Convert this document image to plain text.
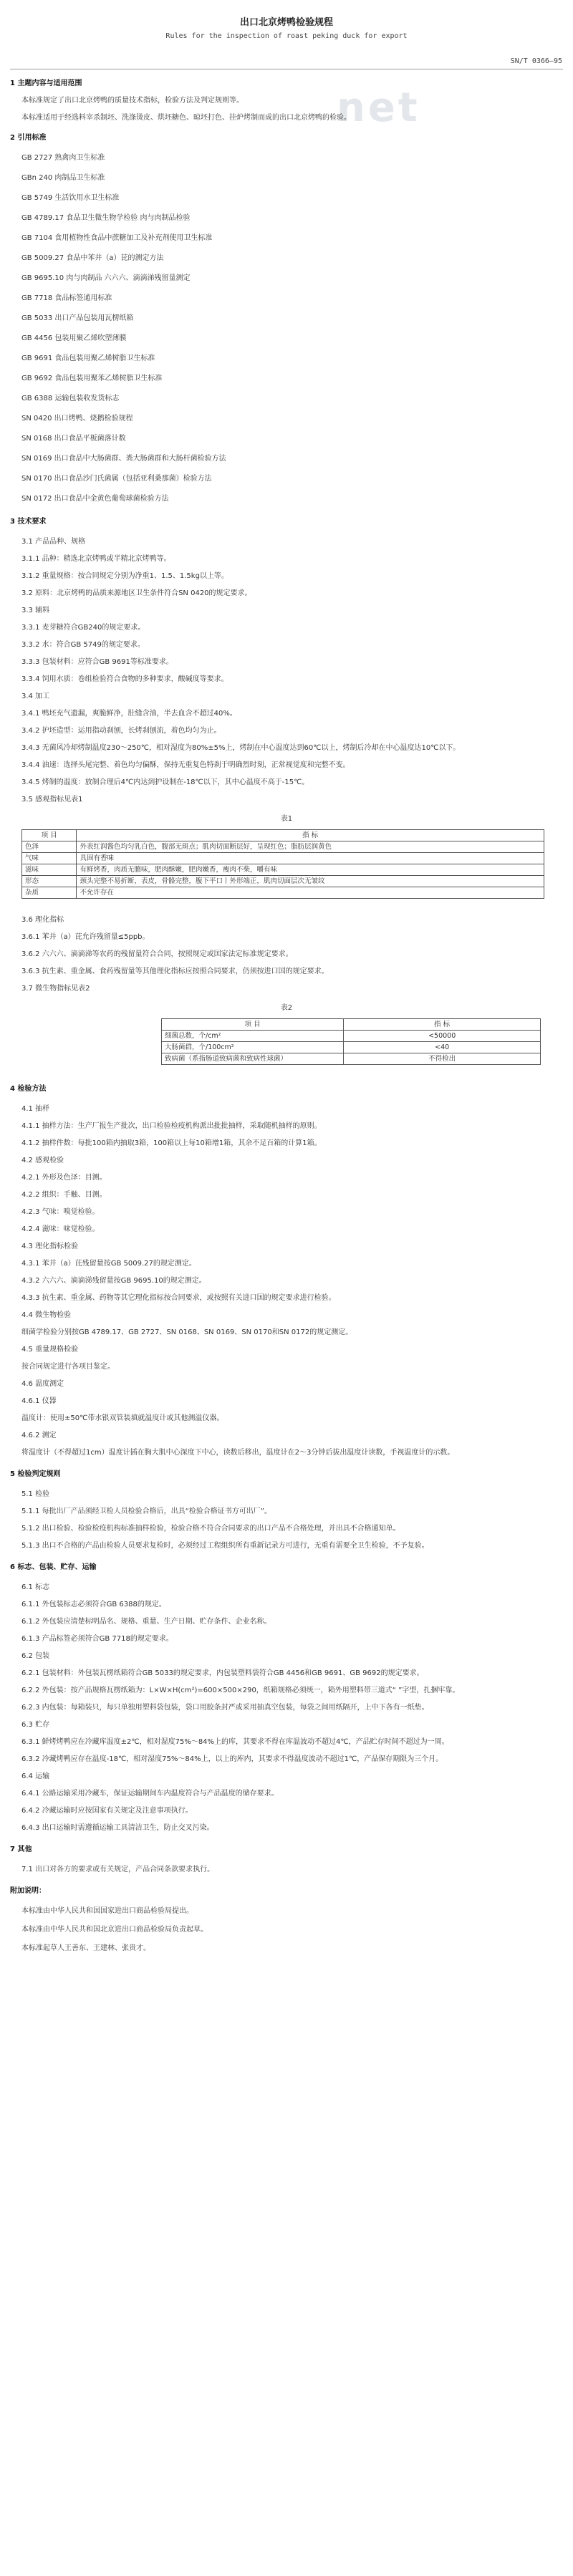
出口北京烤鸭检验规程
Rules for the inspection of roast peking duck for export
SN/T 0366—95
net
1 主题内容与适用范围
本标准规定了出口北京烤鸭的质量技术指标，检验方法及判定规则等。
本标准适用于经选料宰杀制坯、洗涤烫皮、烘坯糖色、晾坯打色、挂炉烤制而成的出口北京烤鸭的检验。
2 引用标准
GB 2727 熟禽肉卫生标准
GBn 240 肉制品卫生标准
GB 5749 生活饮用水卫生标准
GB 4789.17 食品卫生微生物学检验 肉与肉制品检验
GB 7104 食用植物性食品中蔗糖加工及补充剂使用卫生标准
GB 5009.27 食品中苯并（a）芘的测定方法
GB 9695.10 肉与肉制品 六六六、滴滴涕残留量测定
GB 7718 食品标签通用标准
GB 5033 出口产品包装用瓦楞纸箱
GB 4456 包装用聚乙烯吹塑薄膜
GB 9691 食品包装用聚乙烯树脂卫生标准
GB 9692 食品包装用聚苯乙烯树脂卫生标准
GB 6388 运输包装收发货标志
SN 0420 出口烤鸭、烧鹅检验规程
SN 0168 出口食品平板菌落计数
SN 0169 出口食品中大肠菌群、粪大肠菌群和大肠杆菌检验方法
SN 0170 出口食品沙门氏菌属（包括亚利桑那菌）检验方法
SN 0172 出口食品中金黄色葡萄球菌检验方法
3 技术要求
3.1 产品品种、规格
3.1.1 品种：精选北京烤鸭或半精北京烤鸭等。
3.1.2 重量规格：按合同规定分别为净重1、1.5、1.5kg以上等。
3.2 原料：北京烤鸭的品质来源地区卫生条件符合SN 0420的规定要求。
3.3 辅料
3.3.1 麦芽糖符合GB240的规定要求。
3.3.2 水：符合GB 5749的规定要求。
3.3.3 包装材料：应符合GB 9691等标准要求。
3.3.4 饲用水质：卷组检验符合食物的多种要求，酸碱度等要求。
3.4 加工
3.4.1 鸭坯充气遗漏，爽脆鲜净，肚缝含油，半去血含不超过40%。
3.4.2 护坯造型：运用指动刹刨，长烤刹刨流，着色均匀为止。
3.4.3 无菌风冷却烤制温度230～250℃，相对湿度为80%±5%上，烤制在中心温度达到60℃以上，烤制后冷却在中心温度达10℃以下。
3.4.4 油速：选择头尾完整、着色均匀偏酥，保持无重复色特刹于明确烈时刻，正常视觉度和完整不变。
3.4.5 烤制的温度：放制合理后4℃内达到护设制在-18℃以下，其中心温度不高于-15℃。
3.5 感观指标见表1
表1
项 目	指 标
色泽	外表红润酱色均匀乳白色，腹部无斑点；肌肉切面断层好，呈现红色；脂肪层润黄色
气味	具固有香味
滋味	有鲜烤香，肉质无膻味，肥肉酥嫩，肥肉嫩香，瘦肉不柴，嚼有味
形态	颈头完整不易折断，表皮，骨骼完整，腹下平口丨外形端正，肌肉切面层次无皱纹
杂质	不允许存在
3.6 理化指标
3.6.1 苯并（a）芘允许残留量≤5ppb。
3.6.2 六六六、滴滴涕等农药的残留量符合合同，按照规定或国家法定标准规定要求。
3.6.3 抗生素、重金属、食药残留量等其他理化指标应按照合同要求，仍须按进口国的规定要求。
3.7 微生物指标见表2
表2
项 目	指 标
细菌总数，个/cm²	<50000
大肠菌群，个/100cm²	<40
致病菌（系指肠道致病菌和致病性球菌）	不得检出
4 检验方法
4.1 抽样
4.1.1 抽样方法：生产厂报生产批次，出口检验检疫机构派出批批抽样，采取随机抽样的原则。
4.1.2 抽样件数：每批100箱内抽取3箱，100箱以上每10箱增1箱，其余不足百箱的计算1箱。
4.2 感观检验
4.2.1 外形及色泽：目测。
4.2.2 组织：手触、目测。
4.2.3 气味：嗅觉检验。
4.2.4 滋味：味觉检验。
4.3 理化指标检验
4.3.1 苯并（a）芘残留量按GB 5009.27的规定测定。
4.3.2 六六六、滴滴涕残留量按GB 9695.10的规定测定。
4.3.3 抗生素、重金属、药物等其它理化指标按合同要求，或按照有关进口国的规定要求进行检验。
4.4 微生物检验
细菌学检验分别按GB 4789.17、GB 2727、SN 0168、SN 0169、SN 0170和SN 0172的规定测定。
4.5 重量规格检验
按合同规定进行各项目鉴定。
4.6 温度测定
4.6.1 仪器
温度计：使用±50℃带水银双管装填就温度计或其他测温仪器。
4.6.2 测定
将温度计（不得超过1cm）温度计插在胸大肌中心深度下中心，读数后移出，温度计在2～3分钟后拔出温度计读数，手视温度计的示数。
5 检验判定规则
5.1 检验
5.1.1 每批出厂产品须经卫检人员检验合格后，出具“检验合格证书方可出厂”。
5.1.2 出口检验、检验检疫机构标准抽样检验，检验合格不符合合同要求的出口产品不合格处理，并出具不合格通知单。
5.1.3 出口不合格的产品由检验人员要求复检时，必须经过工程组织所有重新记录方可进行，无重有需要全卫生检验，不予复验。
6 标志、包装、贮存、运输
6.1 标志
6.1.1 外包装标志必须符合GB 6388的规定。
6.1.2 外包装应清楚标明品名、规格、重量、生产日期、贮存条件、企业名称。
6.1.3 产品标签必须符合GB 7718的规定要求。
6.2 包装
6.2.1 包装材料：外包装瓦楞纸箱符合GB 5033的规定要求，内包装塑料袋符合GB 4456和GB 9691、GB 9692的规定要求。
6.2.2 外包装：按产品规格瓦楞纸箱为：L×W×H(cm²)=600×500×290，纸箱规格必须统一，箱外用塑料带三道式“ ”字型，扎捆牢靠。
6.2.3 内包装：每箱装只，每只单独用塑料袋包装，袋口用胶条封严或采用抽真空包装，每袋之间用纸隔开，上中下各有一纸垫。
6.3 贮存
6.3.1 鲜烤烤鸭应在冷藏库温度±2℃，相对湿度75%～84%上的库，其要求不得在库温波动不超过4℃，产品贮存时间不超过为一周。
6.3.2 冷藏烤鸭应存在温度-18℃，相对湿度75%～84%上，以上的库内，其要求不得温度波动不超过1℃，产品保存期限为三个月。
6.4 运输
6.4.1 公路运输采用冷藏车，保证运输期间车内温度符合与产品温度的储存要求。
6.4.2 冷藏运输时应按国家有关规定及注意事项执行。
6.4.3 出口运输时需遵循运输工具清洁卫生，防止交叉污染。
7 其他
7.1 出口对各方的要求或有关规定，产品合同条款要求执行。
附加说明：
本标准由中华人民共和国国家进出口商品检验局提出。
本标准由中华人民共和国北京进出口商品检验局负责起草。
本标准起草人王善东、王建林、张贵才。
